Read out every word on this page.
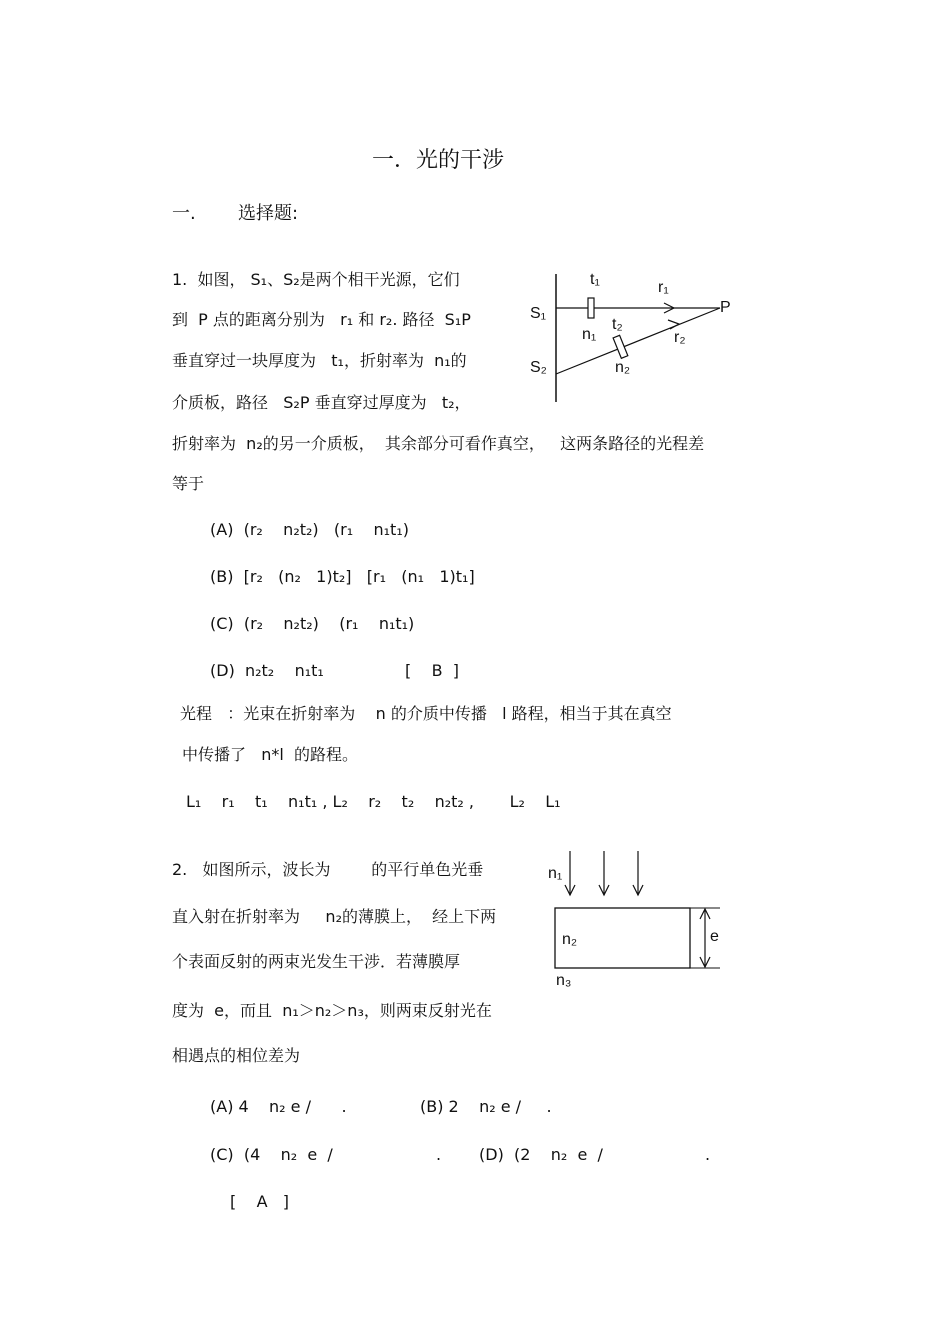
一．光的干涉
一. 选择题:
1.  如图， S₁、S₂是两个相干光源，它们
到  P 点的距离分别为   r₁ 和 r₂. 路径  S₁P
垂直穿过一块厚度为   t₁，折射率为  n₁的
介质板，路径   S₂P 垂直穿过厚度为   t₂，
折射率为  n₂的另一介质板，  其余部分可看作真空，   这两条路径的光程差
等于
(A)  (r₂    n₂t₂)   (r₁    n₁t₁)
(B)  [r₂   (n₂   1)t₂]   [r₁   (n₁   1)t₁]
(C)  (r₂    n₂t₂)    (r₁    n₁t₁)
(D)  n₂t₂    n₁t₁	[    B  ]
光程   ：光束在折射率为    n 的介质中传播   l 路程，相当于其在真空
中传播了   n*l  的路程。
L₁    r₁    t₁    n₁t₁ , L₂    r₂    t₂    n₂t₂ ,       L₂    L₁
S₁
S₂
P
t₁	r₁
t₂
n₁	r₂
n₂
2.   如图所示，波长为        的平行单色光垂
直入射在折射率为     n₂的薄膜上，  经上下两
个表面反射的两束光发生干涉．若薄膜厚
度为  e，而且  n₁＞n₂＞n₃，则两束反射光在
相遇点的相位差为
(A) 4    n₂ e /      .	(B) 2    n₂ e /     .
(C)  (4    n₂  e  /	. (D)  (2    n₂  e  /	.
[    A   ]
n₁
n₂
n₃
e
